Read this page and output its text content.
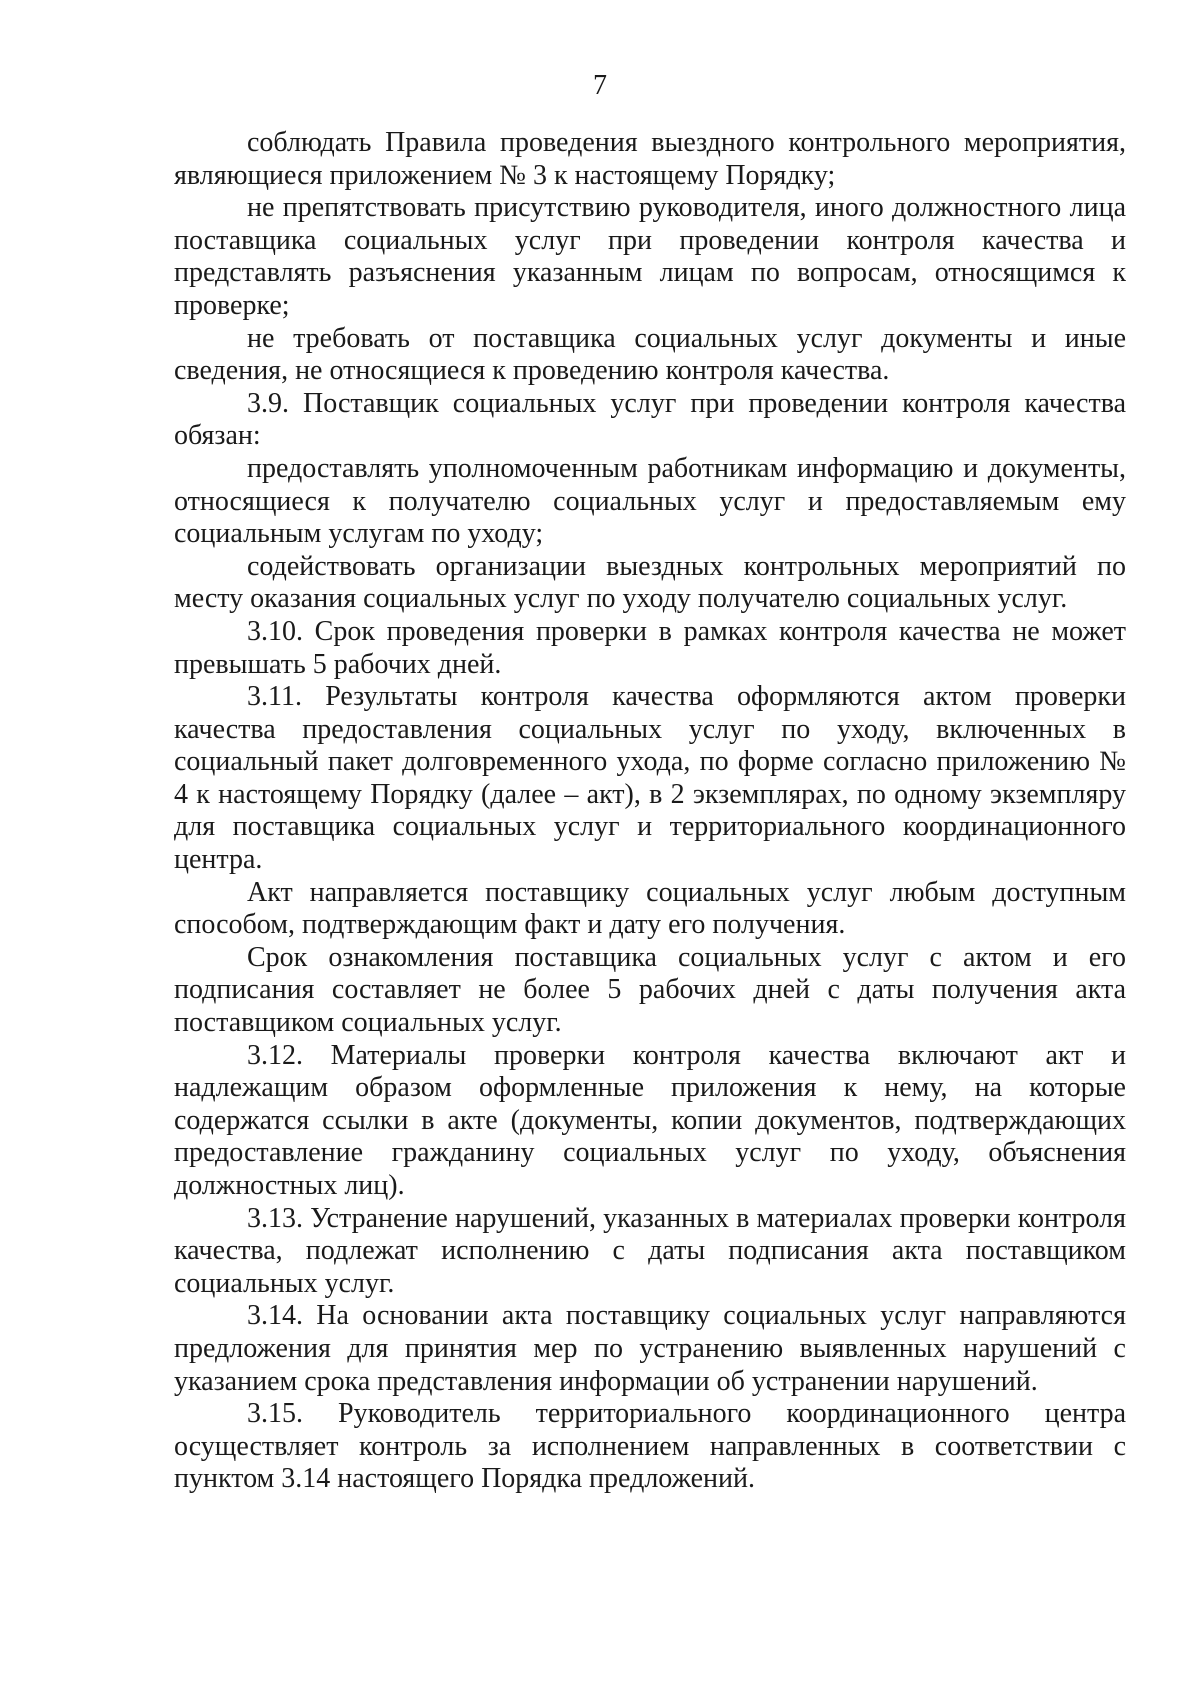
7

соблюдать Правила проведения выездного контрольного мероприятия, являющиеся приложением № 3 к настоящему Порядку;

не препятствовать присутствию руководителя, иного должностного лица поставщика социальных услуг при проведении контроля качества и представлять разъяснения указанным лицам по вопросам, относящимся к проверке;

не требовать от поставщика социальных услуг документы и иные сведения, не относящиеся к проведению контроля качества.

3.9. Поставщик социальных услуг при проведении контроля качества обязан:

предоставлять уполномоченным работникам информацию и документы, относящиеся к получателю социальных услуг и предоставляемым ему социальным услугам по уходу;

содействовать организации выездных контрольных мероприятий по месту оказания социальных услуг по уходу получателю социальных услуг.

3.10. Срок проведения проверки в рамках контроля качества не может превышать 5 рабочих дней.

3.11. Результаты контроля качества оформляются актом проверки качества предоставления социальных услуг по уходу, включенных в социальный пакет долговременного ухода, по форме согласно приложению № 4 к настоящему Порядку (далее – акт), в 2 экземплярах, по одному экземпляру для поставщика социальных услуг и территориального координационного центра.

Акт направляется поставщику социальных услуг любым доступным способом, подтверждающим факт и дату его получения.

Срок ознакомления поставщика социальных услуг с актом и его подписания составляет не более 5 рабочих дней с даты получения акта поставщиком социальных услуг.

3.12. Материалы проверки контроля качества включают акт и надлежащим образом оформленные приложения к нему, на которые содержатся ссылки в акте (документы, копии документов, подтверждающих предоставление гражданину социальных услуг по уходу, объяснения должностных лиц).

3.13. Устранение нарушений, указанных в материалах проверки контроля качества, подлежат исполнению с даты подписания акта поставщиком социальных услуг.

3.14. На основании акта поставщику социальных услуг направляются предложения для принятия мер по устранению выявленных нарушений с указанием срока представления информации об устранении нарушений.

3.15. Руководитель территориального координационного центра осуществляет контроль за исполнением направленных в соответствии с пунктом 3.14 настоящего Порядка предложений.
